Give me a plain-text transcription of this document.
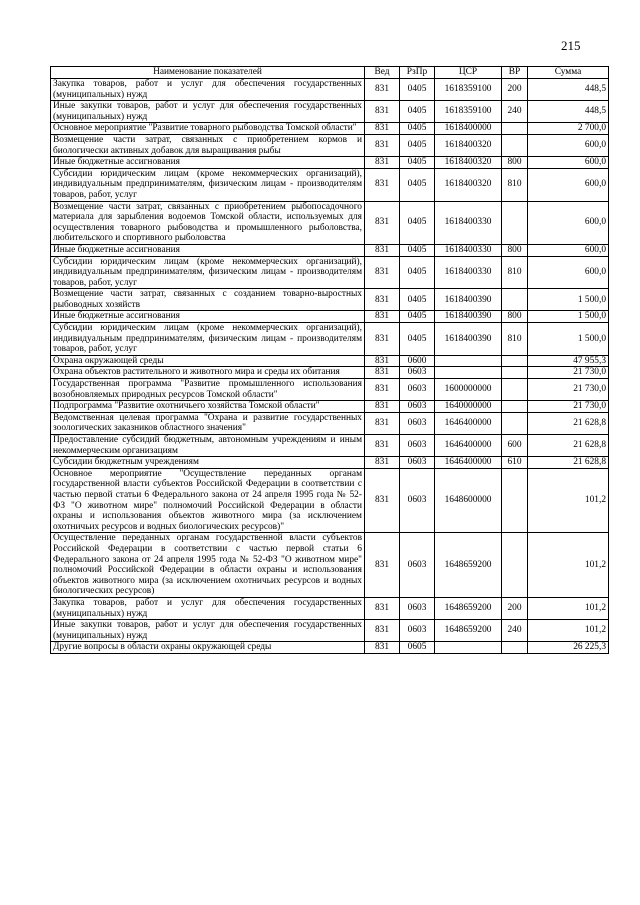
215
Наименование показателей	Вед	РзПр	ЦСР	ВР	Сумма
Закупка товаров, работ и услуг для обеспечения государственных (муниципальных) нужд	831	0405	1618359100	200	448,5
Иные закупки товаров, работ и услуг для обеспечения государственных (муниципальных) нужд	831	0405	1618359100	240	448,5
Основное мероприятие "Развитие товарного рыбоводства Томской области"	831	0405	1618400000		2 700,0
Возмещение части затрат, связанных с приобретением кормов и биологически активных добавок для выращивания рыбы	831	0405	1618400320		600,0
Иные бюджетные ассигнования	831	0405	1618400320	800	600,0
Субсидии юридическим лицам (кроме некоммерческих организаций), индивидуальным предпринимателям, физическим лицам - производителям товаров, работ, услуг	831	0405	1618400320	810	600,0
Возмещение части затрат, связанных с приобретением рыбопосадочного материала для зарыбления водоемов Томской области, используемых для осуществления товарного рыбоводства и промышленного рыболовства, любительского и спортивного рыболовства	831	0405	1618400330		600,0
Иные бюджетные ассигнования	831	0405	1618400330	800	600,0
Субсидии юридическим лицам (кроме некоммерческих организаций), индивидуальным предпринимателям, физическим лицам - производителям товаров, работ, услуг	831	0405	1618400330	810	600,0
Возмещение части затрат, связанных с созданием товарно-выростных рыбоводных хозяйств	831	0405	1618400390		1 500,0
Иные бюджетные ассигнования	831	0405	1618400390	800	1 500,0
Субсидии юридическим лицам (кроме некоммерческих организаций), индивидуальным предпринимателям, физическим лицам - производителям товаров, работ, услуг	831	0405	1618400390	810	1 500,0
Охрана окружающей среды	831	0600			47 955,3
Охрана объектов растительного и животного мира и среды их обитания	831	0603			21 730,0
Государственная программа "Развитие промышленного использования возобновляемых природных ресурсов Томской области"	831	0603	1600000000		21 730,0
Подпрограмма "Развитие охотничьего хозяйства Томской области"	831	0603	1640000000		21 730,0
Ведомственная целевая программа "Охрана и развитие государственных зоологических заказников областного значения"	831	0603	1646400000		21 628,8
Предоставление субсидий бюджетным, автономным учреждениям и иным некоммерческим организациям	831	0603	1646400000	600	21 628,8
Субсидии бюджетным учреждениям	831	0603	1646400000	610	21 628,8
Основное мероприятие "Осуществление переданных органам государственной власти субъектов Российской Федерации в соответствии с частью первой статьи 6 Федерального закона от 24 апреля 1995 года № 52-ФЗ "О животном мире" полномочий Российской Федерации в области охраны и использования объектов животного мира (за исключением охотничьих ресурсов и водных биологических ресурсов)"	831	0603	1648600000		101,2
Осуществление переданных органам государственной власти субъектов Российской Федерации в соответствии с частью первой статьи 6 Федерального закона от 24 апреля 1995 года № 52-ФЗ "О животном мире" полномочий Российской Федерации в области охраны и использования объектов животного мира (за исключением охотничьих ресурсов и водных биологических ресурсов)	831	0603	1648659200		101,2
Закупка товаров, работ и услуг для обеспечения государственных (муниципальных) нужд	831	0603	1648659200	200	101,2
Иные закупки товаров, работ и услуг для обеспечения государственных (муниципальных) нужд	831	0603	1648659200	240	101,2
Другие вопросы в области охраны окружающей среды	831	0605			26 225,3
